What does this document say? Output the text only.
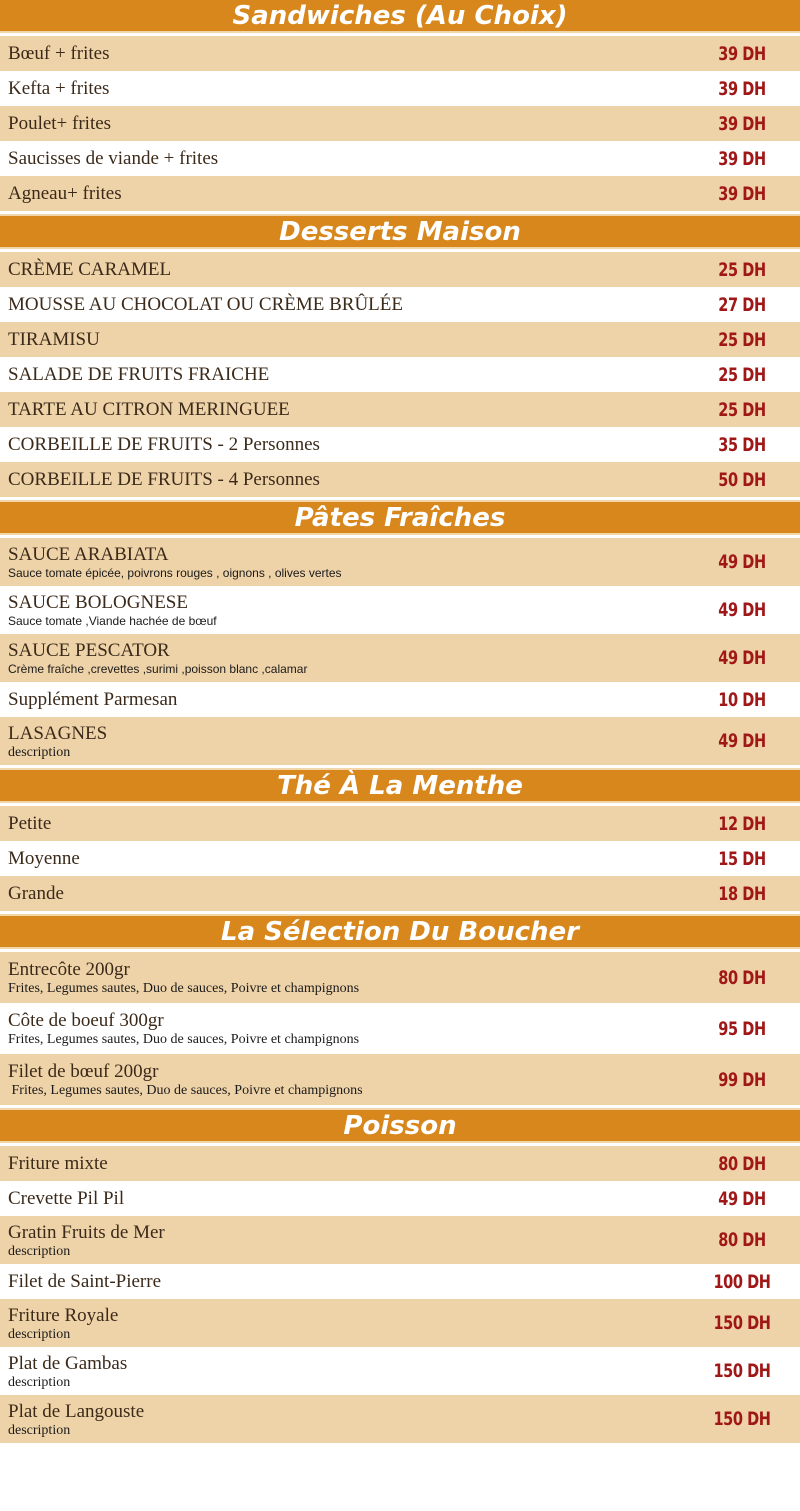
Sandwiches (Au Choix)
Bœuf + frites	39 DH
Kefta + frites	39 DH
Poulet+ frites	39 DH
Saucisses de viande + frites	39 DH
Agneau+ frites	39 DH
Desserts Maison
CRÈME CARAMEL	25 DH
MOUSSE AU CHOCOLAT OU CRÈME BRÛLÉE	27 DH
TIRAMISU	25 DH
SALADE DE FRUITS FRAICHE	25 DH
TARTE AU CITRON MERINGUEE	25 DH
CORBEILLE DE FRUITS - 2 Personnes	35 DH
CORBEILLE DE FRUITS - 4 Personnes	50 DH
Pâtes Fraîches
SAUCE ARABIATA
Sauce tomate épicée, poivrons rouges , oignons , olives vertes	49 DH
SAUCE BOLOGNESE
Sauce tomate ,Viande hachée de bœuf	49 DH
SAUCE PESCATOR
Crème fraîche ,crevettes ,surimi ,poisson blanc ,calamar	49 DH
Supplément Parmesan	10 DH
LASAGNES
description	49 DH
Thé À La Menthe
Petite	12 DH
Moyenne	15 DH
Grande	18 DH
La Sélection Du Boucher
Entrecôte 200gr
Frites, Legumes sautes, Duo de sauces, Poivre et champignons	80 DH
Côte de boeuf 300gr
Frites, Legumes sautes, Duo de sauces, Poivre et champignons	95 DH
Filet de bœuf 200gr
Frites, Legumes sautes, Duo de sauces, Poivre et champignons	99 DH
Poisson
Friture mixte	80 DH
Crevette Pil Pil	49 DH
Gratin Fruits de Mer
description	80 DH
Filet de Saint-Pierre	100 DH
Friture Royale
description	150 DH
Plat de Gambas
description	150 DH
Plat de Langouste
description	150 DH
